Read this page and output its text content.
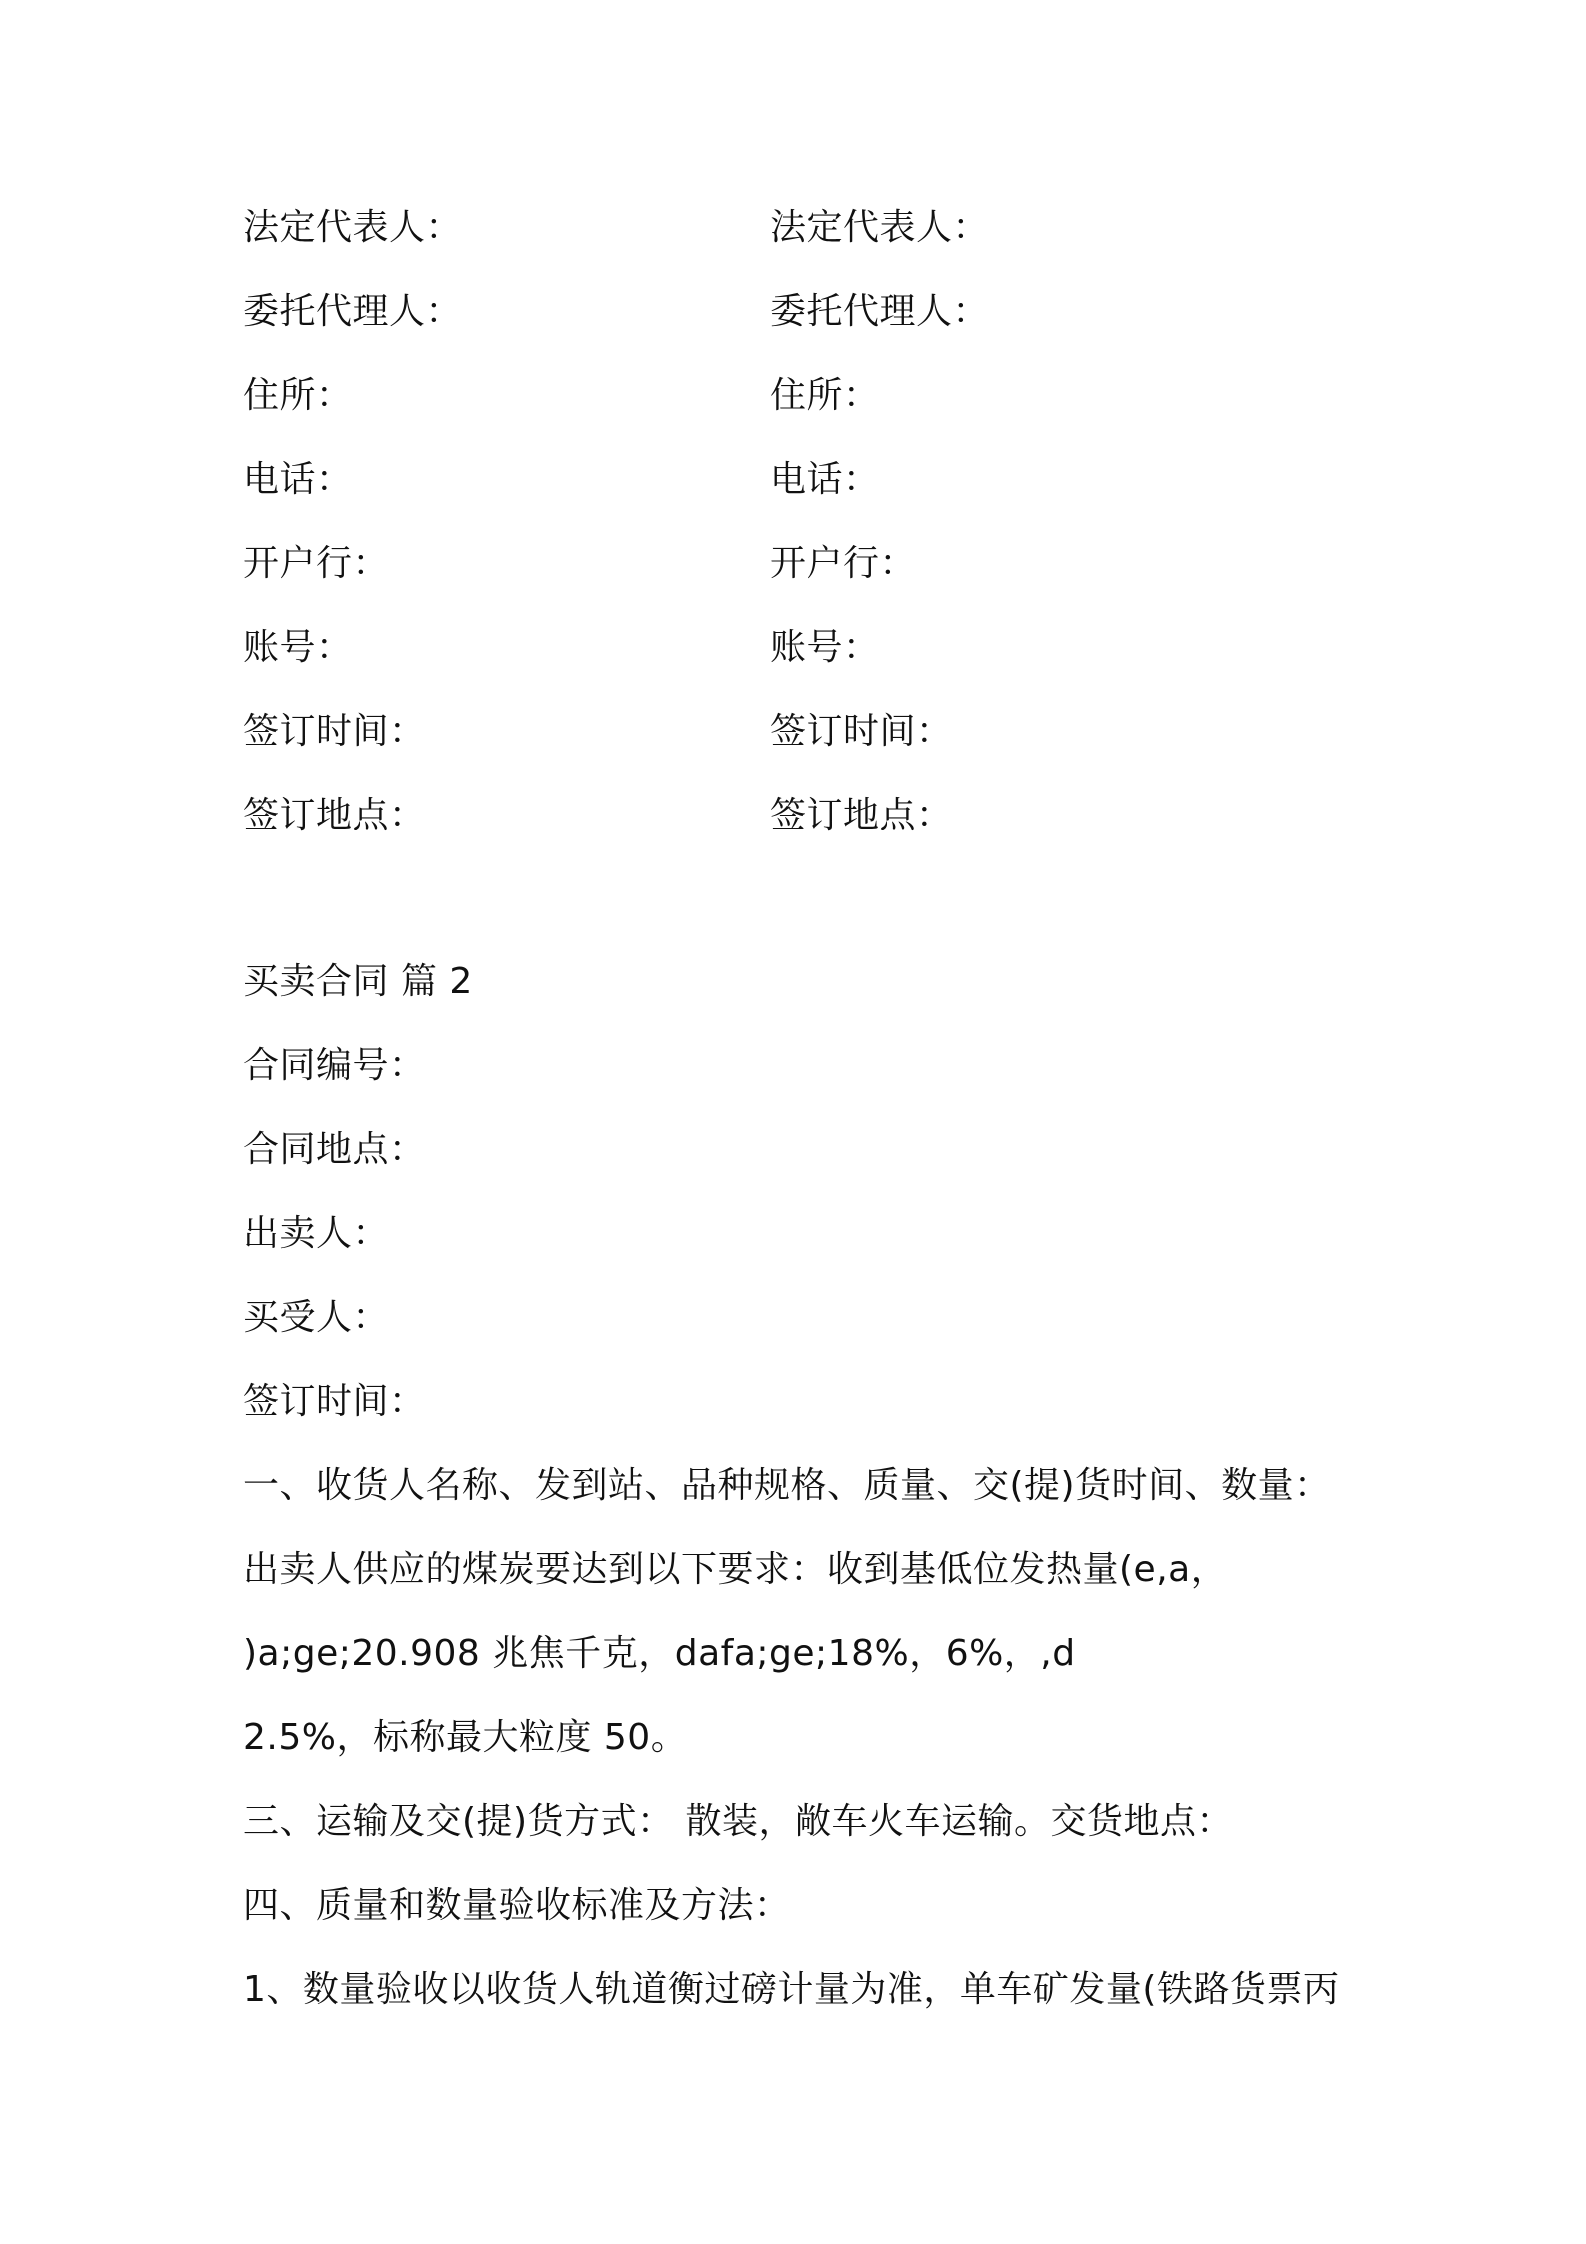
法定代表人：
委托代理人：
住所：
电话：
开户行：
账号：
签订时间：
签订地点：
法定代表人：
委托代理人：
住所：
电话：
开户行：
账号：
签订时间：
签订地点：
买卖合同 篇 2
合同编号：
合同地点：
出卖人：
买受人：
签订时间：
一、收货人名称、发到站、品种规格、质量、交(提)货时间、数量：
出卖人供应的煤炭要达到以下要求：收到基低位发热量(e,a，
)a;ge;20.908 兆焦千克，dafa;ge;18%，6%，,d
2.5%，标称最大粒度 50。
三、运输及交(提)货方式： 散装，敞车火车运输。交货地点：
四、质量和数量验收标准及方法：
1、数量验收以收货人轨道衡过磅计量为准，单车矿发量(铁路货票丙
